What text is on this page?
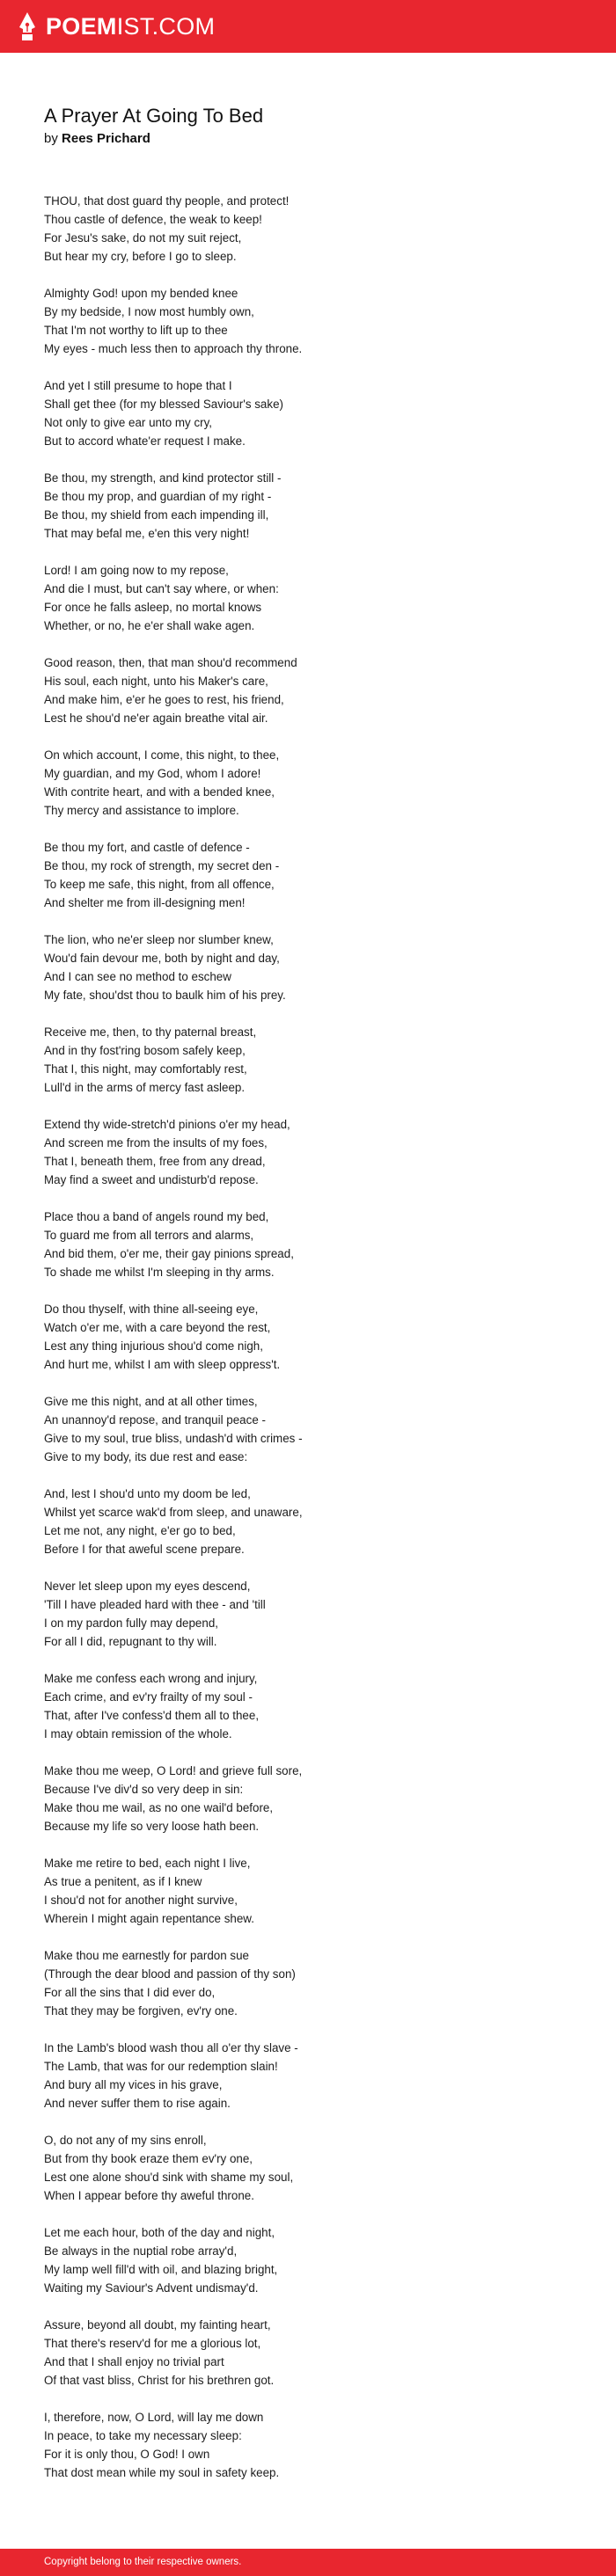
POEMIST.COM
A Prayer At Going To Bed
by Rees Prichard
THOU, that dost guard thy people, and protect!
Thou castle of defence, the weak to keep!
For Jesu's sake, do not my suit reject,
But hear my cry, before I go to sleep.
Almighty God! upon my bended knee
By my bedside, I now most humbly own,
That I'm not worthy to lift up to thee
My eyes - much less then to approach thy throne.
And yet I still presume to hope that I
Shall get thee (for my blessed Saviour's sake)
Not only to give ear unto my cry,
But to accord whate'er request I make.
Be thou, my strength, and kind protector still -
Be thou my prop, and guardian of my right -
Be thou, my shield from each impending ill,
That may befal me, e'en this very night!
Lord! I am going now to my repose,
And die I must, but can't say where, or when:
For once he falls asleep, no mortal knows
Whether, or no, he e'er shall wake agen.
Good reason, then, that man shou'd recommend
His soul, each night, unto his Maker's care,
And make him, e'er he goes to rest, his friend,
Lest he shou'd ne'er again breathe vital air.
On which account, I come, this night, to thee,
My guardian, and my God, whom I adore!
With contrite heart, and with a bended knee,
Thy mercy and assistance to implore.
Be thou my fort, and castle of defence -
Be thou, my rock of strength, my secret den -
To keep me safe, this night, from all offence,
And shelter me from ill-designing men!
The lion, who ne'er sleep nor slumber knew,
Wou'd fain devour me, both by night and day,
And I can see no method to eschew
My fate, shou'dst thou to baulk him of his prey.
Receive me, then, to thy paternal breast,
And in thy fost'ring bosom safely keep,
That I, this night, may comfortably rest,
Lull'd in the arms of mercy fast asleep.
Extend thy wide-stretch'd pinions o'er my head,
And screen me from the insults of my foes,
That I, beneath them, free from any dread,
May find a sweet and undisturb'd repose.
Place thou a band of angels round my bed,
To guard me from all terrors and alarms,
And bid them, o'er me, their gay pinions spread,
To shade me whilst I'm sleeping in thy arms.
Do thou thyself, with thine all-seeing eye,
Watch o'er me, with a care beyond the rest,
Lest any thing injurious shou'd come nigh,
And hurt me, whilst I am with sleep oppress't.
Give me this night, and at all other times,
An unannoy'd repose, and tranquil peace -
Give to my soul, true bliss, undash'd with crimes -
Give to my body, its due rest and ease:
And, lest I shou'd unto my doom be led,
Whilst yet scarce wak'd from sleep, and unaware,
Let me not, any night, e'er go to bed,
Before I for that aweful scene prepare.
Never let sleep upon my eyes descend,
'Till I have pleaded hard with thee - and 'till
I on my pardon fully may depend,
For all I did, repugnant to thy will.
Make me confess each wrong and injury,
Each crime, and ev'ry frailty of my soul -
That, after I've confess'd them all to thee,
I may obtain remission of the whole.
Make thou me weep, O Lord! and grieve full sore,
Because I've div'd so very deep in sin:
Make thou me wail, as no one wail'd before,
Because my life so very loose hath been.
Make me retire to bed, each night I live,
As true a penitent, as if I knew
I shou'd not for another night survive,
Wherein I might again repentance shew.
Make thou me earnestly for pardon sue
(Through the dear blood and passion of thy son)
For all the sins that I did ever do,
That they may be forgiven, ev'ry one.
In the Lamb's blood wash thou all o'er thy slave -
The Lamb, that was for our redemption slain!
And bury all my vices in his grave,
And never suffer them to rise again.
O, do not any of my sins enroll,
But from thy book eraze them ev'ry one,
Lest one alone shou'd sink with shame my soul,
When I appear before thy aweful throne.
Let me each hour, both of the day and night,
Be always in the nuptial robe array'd,
My lamp well fill'd with oil, and blazing bright,
Waiting my Saviour's Advent undismay'd.
Assure, beyond all doubt, my fainting heart,
That there's reserv'd for me a glorious lot,
And that I shall enjoy no trivial part
Of that vast bliss, Christ for his brethren got.
I, therefore, now, O Lord, will lay me down
In peace, to take my necessary sleep:
For it is only thou, O God! I own
That dost mean while my soul in safety keep.
Copyright belong to their respective owners.
